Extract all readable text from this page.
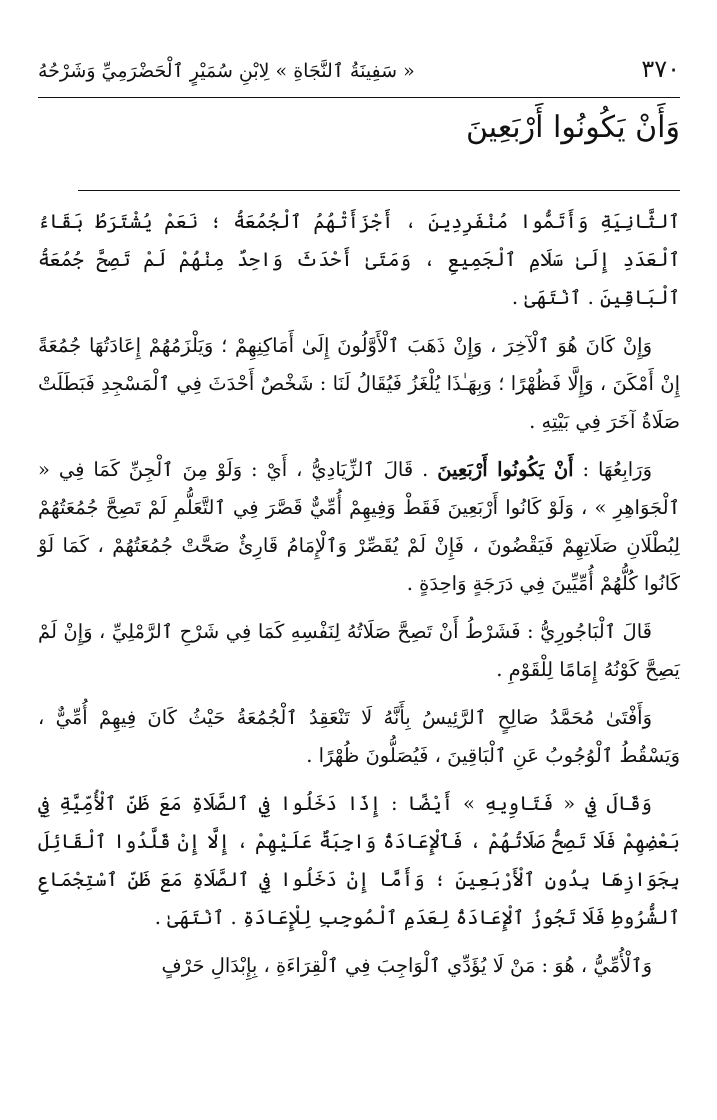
٣٧٠
« سَفِينَةُ ٱلنَّجَاةِ » لِابْنِ سُمَيْرٍ ٱلْحَضْرَمِيِّ وَشَرْحُهُ
وَأَنْ يَكُونُوا أَرْبَعِينَ

ٱلثَّانِيَةِ وَأَتَمُّوا مُنْفَرِدِينَ ، أَجْزَأَتْهُمُ ٱلْجُمُعَةُ ؛ نَعَمْ يُشْتَرَطُ بَقَاءُ ٱلْعَدَدِ إِلَىٰ سَلَامِ ٱلْجَمِيعِ ، وَمَتَىٰ أَحْدَثَ وَاحِدٌ مِنْهُمْ لَمْ تَصِحَّ جُمُعَةُ ٱلْبَاقِينَ . ٱنْتَهَىٰ .

وَإِنْ كَانَ هُوَ ٱلْآخِرَ ، وَإِنْ ذَهَبَ ٱلْأَوَّلُونَ إِلَىٰ أَمَاكِنِهِمْ ؛ وَيَلْزَمُهُمْ إِعَادَتُهَا جُمُعَةً إِنْ أَمْكَنَ ، وَإِلَّا فَظُهْرًا ؛ وَبِهَـٰذَا يُلْغَزُ فَيُقَالُ لَنَا : شَخْصٌ أَحْدَثَ فِي ٱلْمَسْجِدِ فَبَطَلَتْ صَلَاةُ آخَرَ فِي بَيْتِهِ .

وَرَابِعُهَا : أَنْ يَكُونُوا أَرْبَعِينَ . قَالَ ٱلزِّيَادِيُّ ، أَيْ : وَلَوْ مِنَ ٱلْجِنِّ كَمَا فِي « ٱلْجَوَاهِرِ » ، وَلَوْ كَانُوا أَرْبَعِينَ فَقَطْ وَفِيهِمْ أُمِّيٌّ قَصَّرَ فِي ٱلتَّعَلُّمِ لَمْ تَصِحَّ جُمُعَتُهُمْ لِبُطْلَانِ صَلَاتِهِمْ فَيَقْضُونَ ، فَإِنْ لَمْ يُقَصِّرْ وَٱلْإِمَامُ قَارِئٌ صَحَّتْ جُمُعَتُهُمْ ، كَمَا لَوْ كَانُوا كُلُّهُمْ أُمِّيِّينَ فِي دَرَجَةٍ وَاحِدَةٍ .

قَالَ ٱلْبَاجُورِيُّ : فَشَرْطُ أَنْ تَصِحَّ صَلَاتُهُ لِنَفْسِهِ كَمَا فِي شَرْحِ ٱلرَّمْلِيِّ ، وَإِنْ لَمْ يَصِحَّ كَوْنُهُ إِمَامًا لِلْقَوْمِ .

وَأَفْتَىٰ مُحَمَّدُ صَالِحٍ ٱلرَّئِيسُ بِأَنَّهُ لَا تَنْعَقِدُ ٱلْجُمُعَةُ حَيْثُ كَانَ فِيهِمْ أُمِّيٌّ ، وَيَسْقُطُ ٱلْوُجُوبُ عَنِ ٱلْبَاقِينَ ، فَيُصَلُّونَ ظُهْرًا .

وَقَالَ فِي « فَتَاوِيهِ » أَيْضًا : إِذَا دَخَلُوا فِي ٱلصَّلَاةِ مَعَ ظَنِّ ٱلْأُمِّيَّةِ فِي بَعْضِهِمْ فَلَا تَصِحُّ صَلَاتُهُمْ ، فَٱلْإِعَادَةُ وَاجِبَةٌ عَلَيْهِمْ ، إِلَّا إِنْ قَلَّدُوا ٱلْقَائِلَ بِجَوَازِهَا بِدُونِ ٱلْأَرْبَعِينَ ؛ وَأَمَّا إِنْ دَخَلُوا فِي ٱلصَّلَاةِ مَعَ ظَنِّ ٱسْتِجْمَاعِ ٱلشُّرُوطِ فَلَا تَجُوزُ ٱلْإِعَادَةُ لِعَدَمِ ٱلْمُوجِبِ لِلْإِعَادَةِ . ٱنْتَهَىٰ .

وَٱلْأُمِّيُّ ، هُوَ : مَنْ لَا يُؤَدِّي ٱلْوَاجِبَ فِي ٱلْقِرَاءَةِ ، بِإِبْدَالِ حَرْفٍ
